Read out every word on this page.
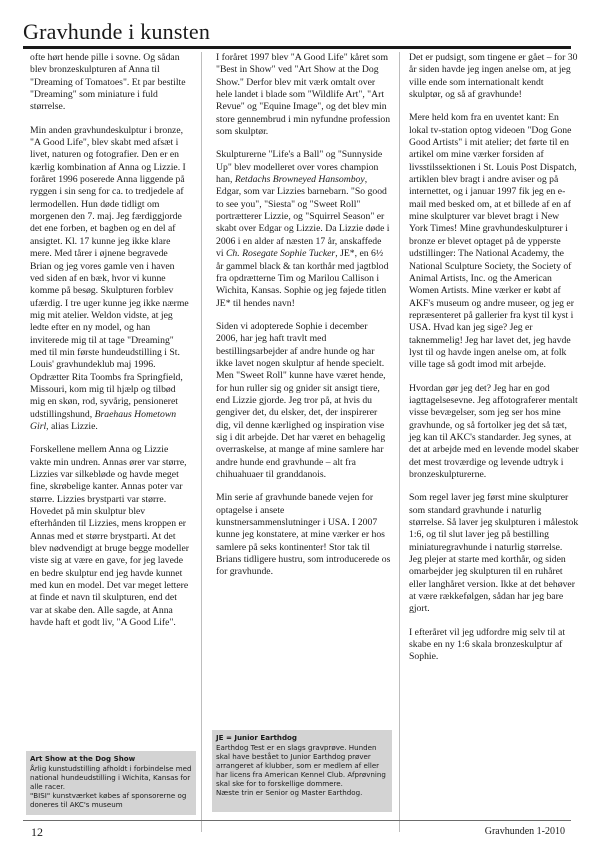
Gravhunde i kunsten

ofte hørt hende pille i sovne. Og sådan blev bronzeskulpturen af Anna til "Dreaming of Tomatoes". Et par bestilte "Dreaming" som miniature i fuld størrelse.

Min anden gravhundeskulptur i bronze, "A Good Life", blev skabt med afsæt i livet, naturen og fotografier. Den er en kærlig kombination af Anna og Lizzie. I foråret 1996 poserede Anna liggende på ryggen i sin seng for ca. to tredjedele af lermodellen. Hun døde tidligt om morgenen den 7. maj. Jeg færdiggjorde det ene forben, et bagben og en del af ansigtet. Kl. 17 kunne jeg ikke klare mere. Med tårer i øjnene begravede Brian og jeg vores gamle ven i haven ved siden af en bæk, hvor vi kunne komme på besøg. Skulpturen forblev ufærdig. I tre uger kunne jeg ikke nærme mig mit atelier. Weldon vidste, at jeg ledte efter en ny model, og han inviterede mig til at tage "Dreaming" med til min første hundeudstilling i St. Louis' gravhundeklub maj 1996. Opdrætter Rita Toombs fra Springfield, Missouri, kom mig til hjælp og tilbød mig en skøn, rod, syvårig, pensioneret udstillingshund, Braehaus Hometown Girl, alias Lizzie.

Forskellene mellem Anna og Lizzie vakte min undren. Annas ører var større, Lizzies var silkebløde og havde meget fine, skrøbelige kanter. Annas poter var større. Lizzies brystparti var større. Hovedet på min skulptur blev efterhånden til Lizzies, mens kroppen er Annas med et større brystparti. At det blev nødvendigt at bruge begge modeller viste sig at være en gave, for jeg lavede en bedre skulptur end jeg havde kunnet med kun en model. Det var meget lettere at finde et navn til skulpturen, end det var at skabe den. Alle sagde, at Anna havde haft et godt liv, "A Good Life".

I foråret 1997 blev "A Good Life" kåret som "Best in Show" ved "Art Show at the Dog Show." Derfor blev mit værk omtalt over hele landet i blade som "Wildlife Art", "Art Revue" og "Equine Image", og det blev min store gennembrud i min nyfundne profession som skulptør.

Skulpturerne "Life's a Ball" og "Sunnyside Up" blev modelleret over vores champion han, Retdachs Browneyed Hansomboy, Edgar, som var Lizzies barnebarn. "So good to see you", "Siesta" og "Sweet Roll" portrætterer Lizzie, og "Squirrel Season" er skabt over Edgar og Lizzie. Da Lizzie døde i 2006 i en alder af næsten 17 år, anskaffede vi Ch. Rosegate Sophie Tucker, JE*, en 6½ år gammel black & tan korthår med jagtblod fra opdrætterne Tim og Marilou Callison i Wichita, Kansas. Sophie og jeg føjede titlen JE* til hendes navn!

Siden vi adopterede Sophie i december 2006, har jeg haft travlt med bestillingsarbejder af andre hunde og har ikke lavet nogen skulptur af hende specielt. Men "Sweet Roll" kunne have været hende, for hun ruller sig og gnider sit ansigt tiere, end Lizzie gjorde. Jeg tror på, at hvis du gengiver det, du elsker, det, der inspirerer dig, vil denne kærlighed og inspiration vise sig i dit arbejde. Det har været en behagelig overraskelse, at mange af mine samlere har andre hunde end gravhunde – alt fra chihuahuaer til granddanois.

Min serie af gravhunde banede vejen for optagelse i ansete kunstnersammenslutninger i USA. I 2007 kunne jeg konstatere, at mine værker er hos samlere på seks kontinenter! Stor tak til Brians tidligere hustru, som introducerede os for gravhunde.

Det er pudsigt, som tingene er gået – for 30 år siden havde jeg ingen anelse om, at jeg ville ende som internationalt kendt skulptør, og så af gravhunde!

Mere held kom fra en uventet kant: En lokal tv-station optog videoen "Dog Gone Good Artists" i mit atelier; det førte til en artikel om mine værker forsiden af livsstilssektionen i St. Louis Post Dispatch, artiklen blev bragt i andre aviser og på internettet, og i januar 1997 fik jeg en e-mail med besked om, at et billede af en af mine skulpturer var blevet bragt i New York Times! Mine gravhundeskulpturer i bronze er blevet optaget på de ypperste udstillinger: The National Academy, the National Sculpture Society, the Society of Animal Artists, Inc. og the American Women Artists. Mine værker er købt af AKF's museum og andre museer, og jeg er repræsenteret på gallerier fra kyst til kyst i USA. Hvad kan jeg sige? Jeg er taknemmelig! Jeg har lavet det, jeg havde lyst til og havde ingen anelse om, at folk ville tage så godt imod mit arbejde.

Hvordan gør jeg det? Jeg har en god iagttagelsesevne. Jeg affotograferer mentalt visse bevægelser, som jeg ser hos mine gravhunde, og så fortolker jeg det så tæt, jeg kan til AKC's standarder. Jeg synes, at det at arbejde med en levende model skaber det mest troværdige og levende udtryk i bronzeskulpturerne.

Som regel laver jeg først mine skulpturer som standard gravhunde i naturlig størrelse. Så laver jeg skulpturen i målestok 1:6, og til slut laver jeg på bestilling miniaturegravhunde i naturlig størrelse.

Jeg plejer at starte med korthår, og siden omarbejder jeg skulpturen til en ruhåret eller langhåret version. Ikke at det behøver at være rækkefølgen, sådan har jeg bare gjort.

I efteråret vil jeg udfordre mig selv til at skabe en ny 1:6 skala bronzeskulptur af Sophie.

Art Show at the Dog Show

Årlig kunstudstilling afholdt i forbindelse med national hundeudstilling i Wichita, Kansas for alle racer.

"BISI" kunstværket købes af sponsorerne og doneres til AKC's museum

JE = Junior Earthdog

Earthdog Test er en slags gravprøve. Hunden skal have bestået to Junior Earthdog prøver arrangeret af klubber, som er medlem af eller har licens fra American Kennel Club. Afprøvning skal ske for to forskellige dommere.

Næste trin er Senior og Master Earthdog.

12	Gravhunden 1-2010
